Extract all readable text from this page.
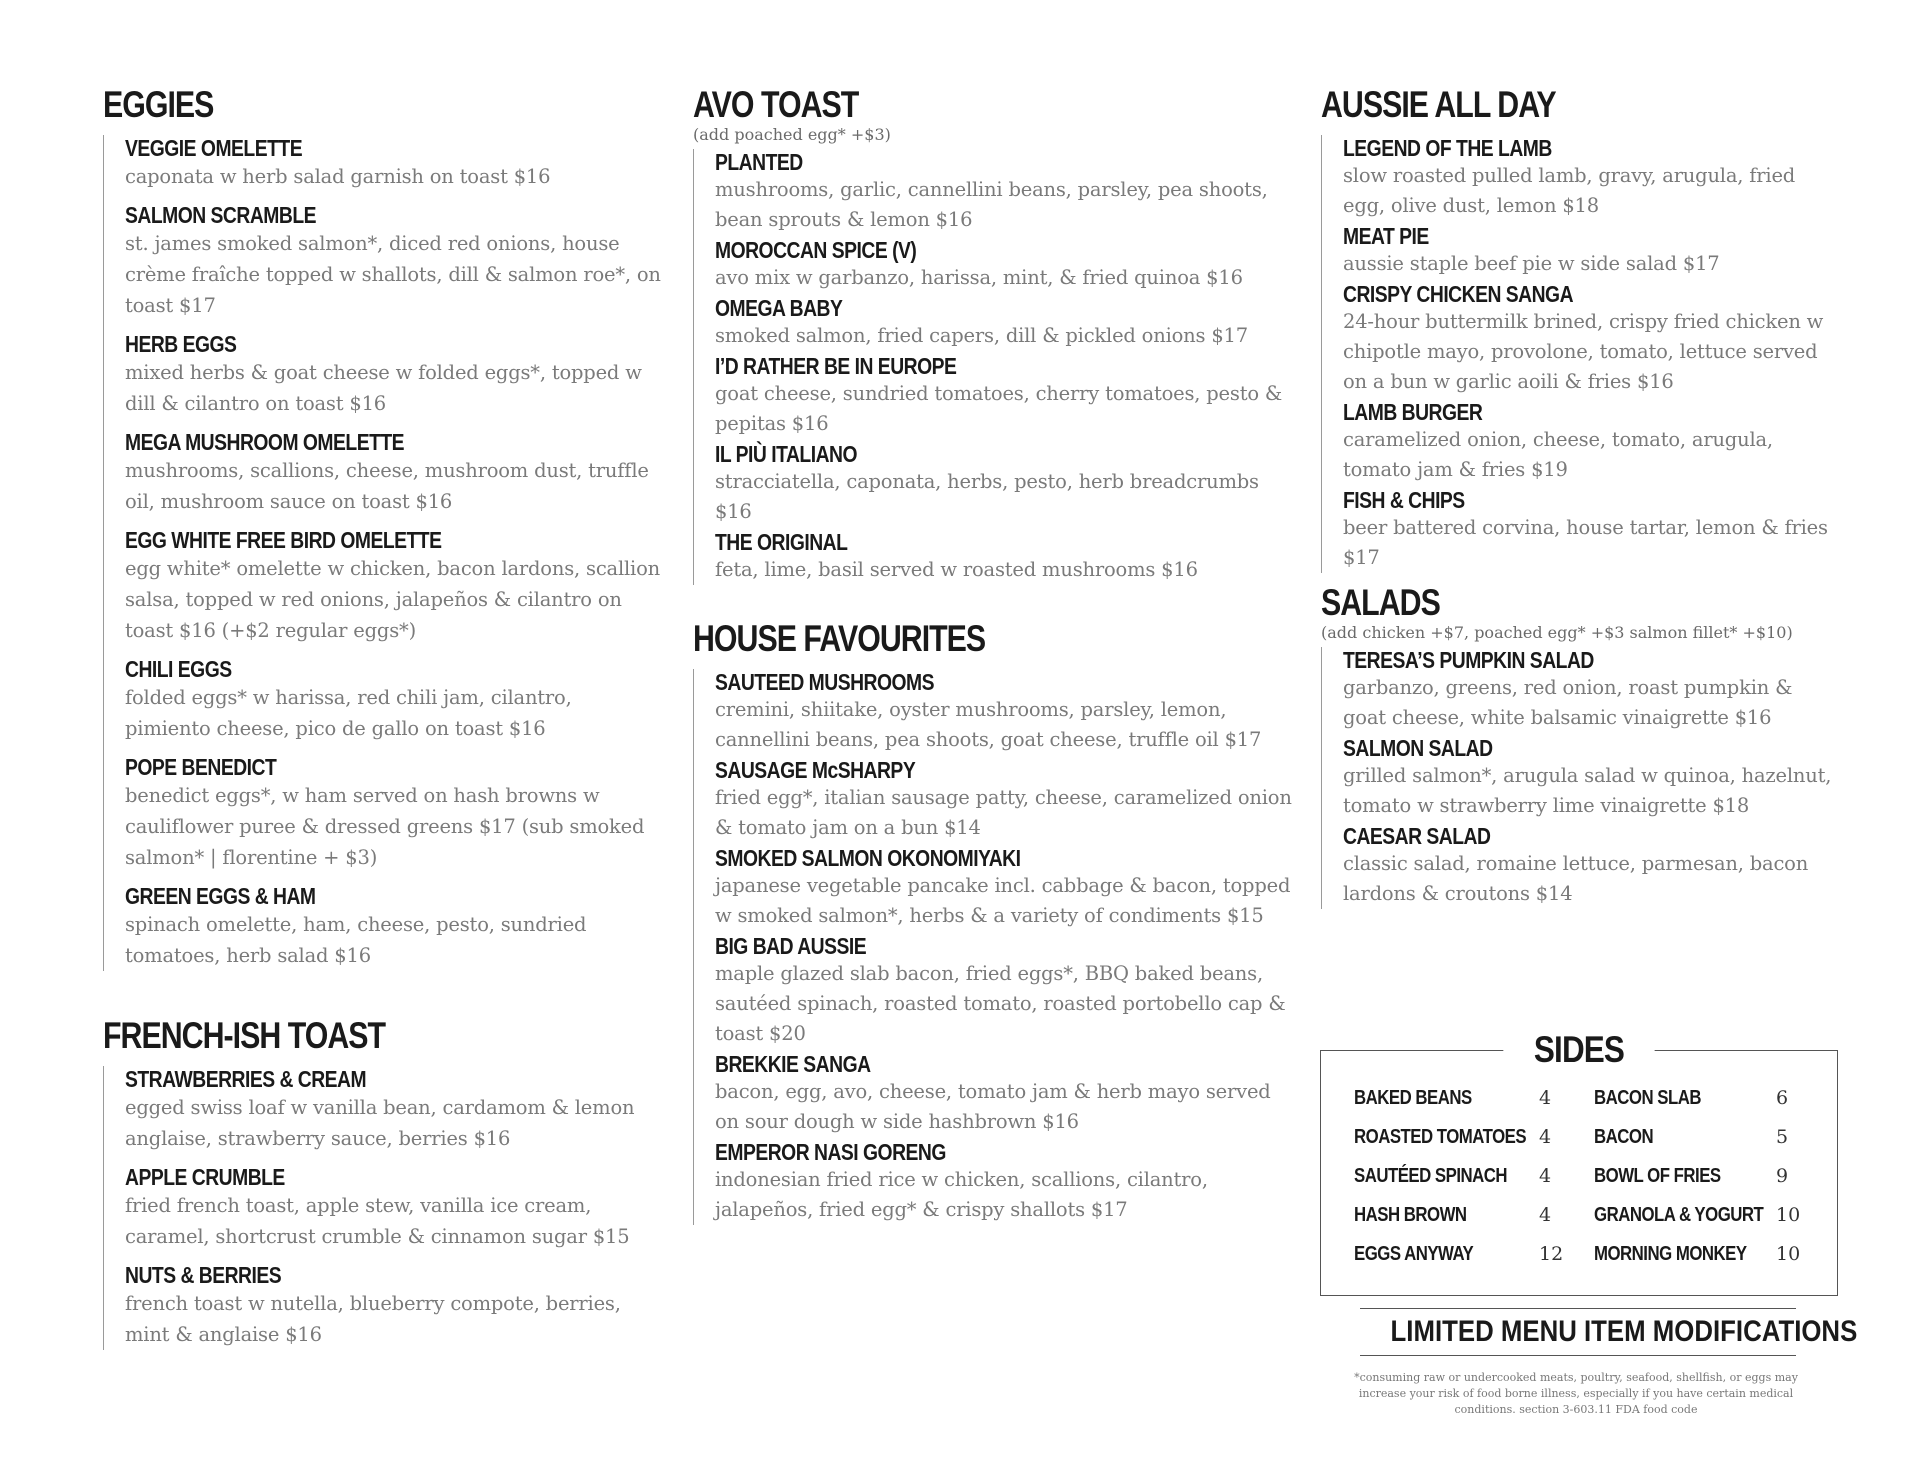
EGGIES
VEGGIE OMELETTE
caponata w herb salad garnish on toast $16
SALMON SCRAMBLE
st. james smoked salmon*, diced red onions, house crème fraîche topped w shallots, dill & salmon roe*, on toast $17
HERB EGGS
mixed herbs & goat cheese w folded eggs*, topped w dill & cilantro on toast $16
MEGA MUSHROOM OMELETTE
mushrooms, scallions, cheese, mushroom dust, truffle oil, mushroom sauce on toast $16
EGG WHITE FREE BIRD OMELETTE
egg white* omelette w chicken, bacon lardons, scallion salsa, topped w red onions, jalapeños & cilantro on toast $16 (+$2 regular eggs*)
CHILI EGGS
folded eggs* w harissa, red chili jam, cilantro, pimiento cheese, pico de gallo on toast $16
POPE BENEDICT
benedict eggs*, w ham served on hash browns w cauliflower puree & dressed greens $17 (sub smoked salmon* | florentine + $3)
GREEN EGGS & HAM
spinach omelette, ham, cheese, pesto, sundried tomatoes, herb salad $16
FRENCH-ISH TOAST
STRAWBERRIES & CREAM
egged swiss loaf w vanilla bean, cardamom & lemon anglaise, strawberry sauce, berries $16
APPLE CRUMBLE
fried french toast, apple stew, vanilla ice cream, caramel, shortcrust crumble & cinnamon sugar $15
NUTS & BERRIES
french toast w nutella, blueberry compote, berries, mint & anglaise $16
AVO TOAST
(add poached egg* +$3)
PLANTED
mushrooms, garlic, cannellini beans, parsley, pea shoots, bean sprouts & lemon $16
MOROCCAN SPICE (V)
avo mix w garbanzo, harissa, mint, & fried quinoa $16
OMEGA BABY
smoked salmon, fried capers, dill & pickled onions $17
I’D RATHER BE IN EUROPE
goat cheese, sundried tomatoes, cherry tomatoes, pesto & pepitas $16
IL PIÙ ITALIANO
stracciatella, caponata, herbs, pesto, herb breadcrumbs $16
THE ORIGINAL
feta, lime, basil served w roasted mushrooms $16
HOUSE FAVOURITES
SAUTEED MUSHROOMS
cremini, shiitake, oyster mushrooms, parsley, lemon, cannellini beans, pea shoots, goat cheese, truffle oil $17
SAUSAGE McSHARPY
fried egg*, italian sausage patty, cheese, caramelized onion & tomato jam on a bun $14
SMOKED SALMON OKONOMIYAKI
japanese vegetable pancake incl. cabbage & bacon, topped w smoked salmon*, herbs & a variety of condiments $15
BIG BAD AUSSIE
maple glazed slab bacon, fried eggs*, BBQ baked beans, sautéed spinach, roasted tomato, roasted portobello cap & toast $20
BREKKIE SANGA
bacon, egg, avo, cheese, tomato jam & herb mayo served on sour dough w side hashbrown $16
EMPEROR NASI GORENG
indonesian fried rice w chicken, scallions, cilantro, jalapeños, fried egg* & crispy shallots $17
AUSSIE ALL DAY
LEGEND OF THE LAMB
slow roasted pulled lamb, gravy, arugula, fried egg, olive dust, lemon $18
MEAT PIE
aussie staple beef pie w side salad $17
CRISPY CHICKEN SANGA
24-hour buttermilk brined, crispy fried chicken w chipotle mayo, provolone, tomato, lettuce served on a bun w garlic aoili & fries $16
LAMB BURGER
caramelized onion, cheese, tomato, arugula, tomato jam & fries $19
FISH & CHIPS
beer battered corvina, house tartar, lemon & fries $17
SALADS
(add chicken +$7, poached egg* +$3 salmon fillet* +$10)
TERESA’S PUMPKIN SALAD
garbanzo, greens, red onion, roast pumpkin & goat cheese, white balsamic vinaigrette $16
SALMON SALAD
grilled salmon*, arugula salad w quinoa, hazelnut, tomato w strawberry lime vinaigrette $18
CAESAR SALAD
classic salad, romaine lettuce, parmesan, bacon lardons & croutons $14
SIDES
BAKED BEANS	4
ROASTED TOMATOES 4
SAUTÉED SPINACH 4
HASH BROWN	4
EGGS ANYWAY	12
BACON SLAB	6
BACON	5
BOWL OF FRIES	9
GRANOLA & YOGURT 10
MORNING MONKEY 10
LIMITED MENU ITEM MODIFICATIONS
*consuming raw or undercooked meats, poultry, seafood, shellfish, or eggs may increase your risk of food borne illness, especially if you have certain medical conditions. section 3-603.11 FDA food code
